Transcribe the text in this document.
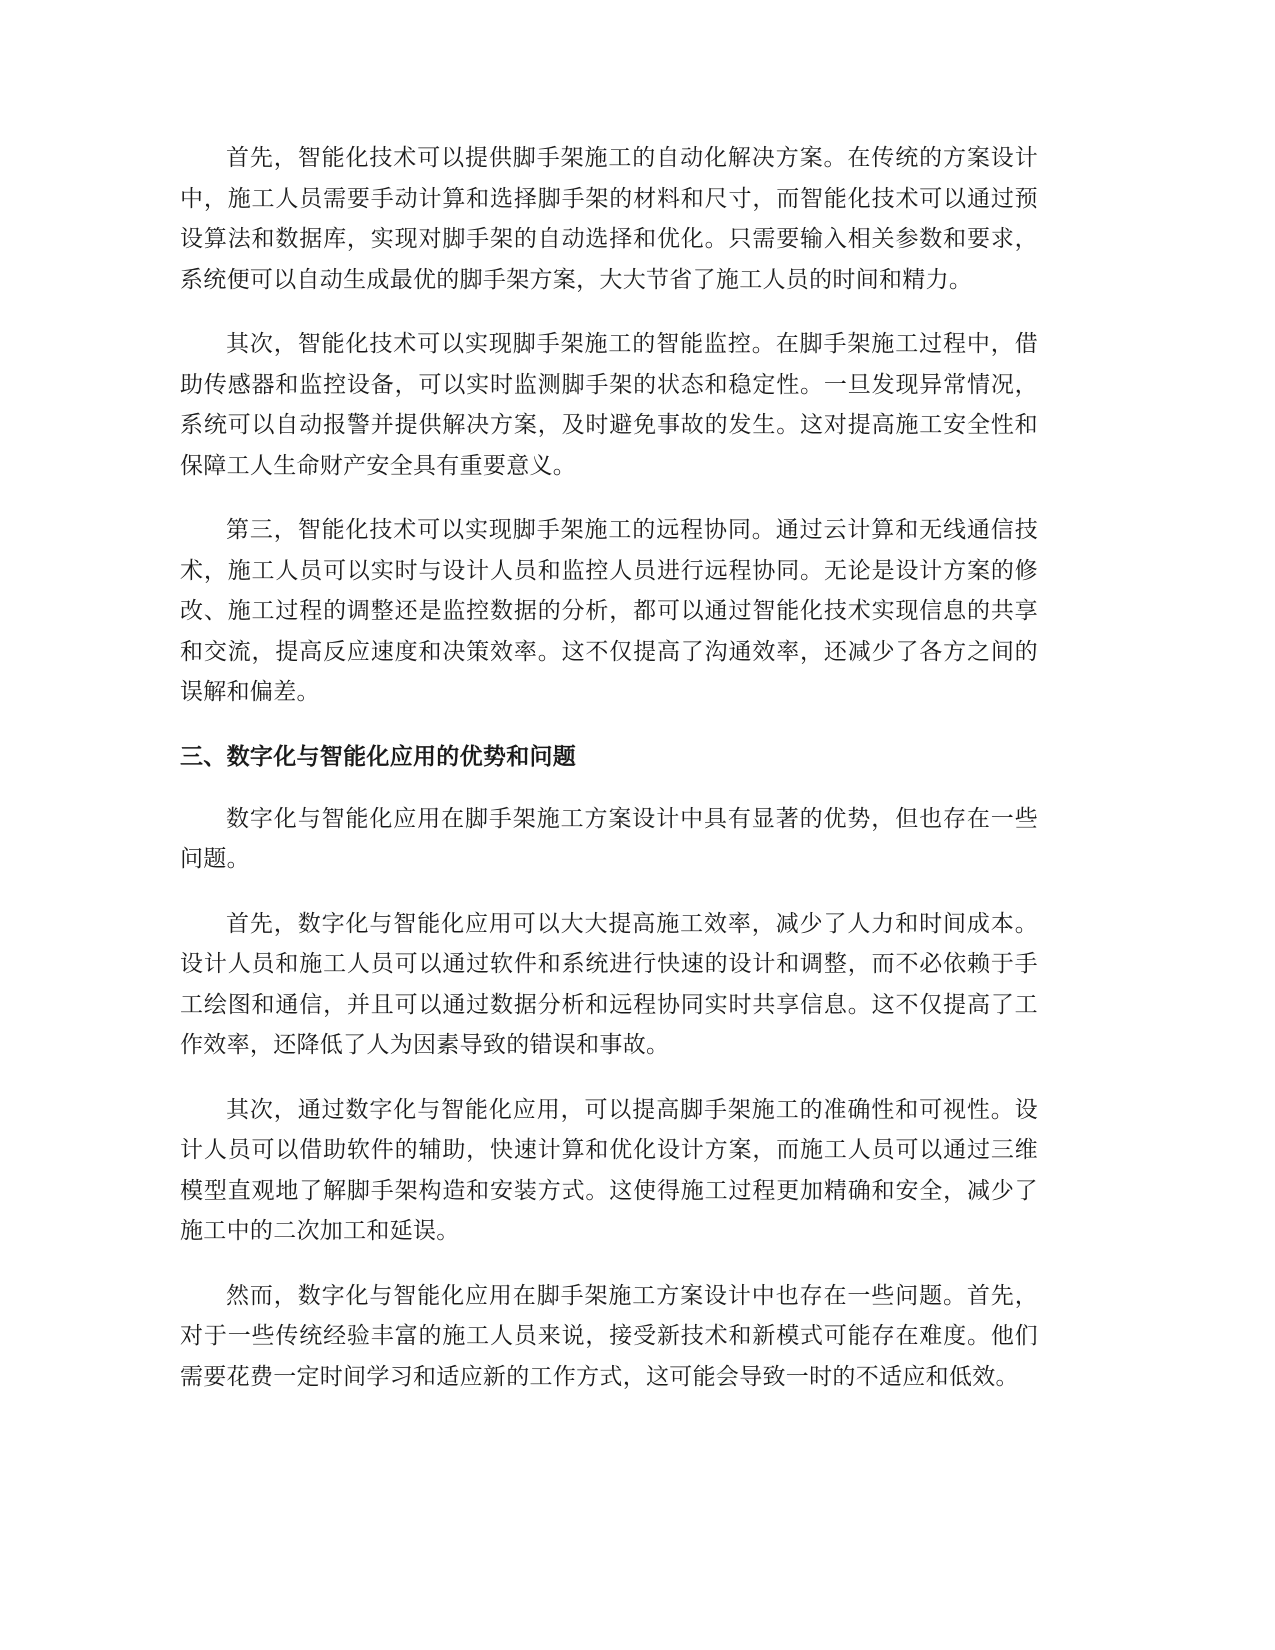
首先，智能化技术可以提供脚手架施工的自动化解决方案。在传统的方案设计中，施工人员需要手动计算和选择脚手架的材料和尺寸，而智能化技术可以通过预设算法和数据库，实现对脚手架的自动选择和优化。只需要输入相关参数和要求，系统便可以自动生成最优的脚手架方案，大大节省了施工人员的时间和精力。

其次，智能化技术可以实现脚手架施工的智能监控。在脚手架施工过程中，借助传感器和监控设备，可以实时监测脚手架的状态和稳定性。一旦发现异常情况，系统可以自动报警并提供解决方案，及时避免事故的发生。这对提高施工安全性和保障工人生命财产安全具有重要意义。

第三，智能化技术可以实现脚手架施工的远程协同。通过云计算和无线通信技术，施工人员可以实时与设计人员和监控人员进行远程协同。无论是设计方案的修改、施工过程的调整还是监控数据的分析，都可以通过智能化技术实现信息的共享和交流，提高反应速度和决策效率。这不仅提高了沟通效率，还减少了各方之间的误解和偏差。

三、数字化与智能化应用的优势和问题

数字化与智能化应用在脚手架施工方案设计中具有显著的优势，但也存在一些问题。

首先，数字化与智能化应用可以大大提高施工效率，减少了人力和时间成本。设计人员和施工人员可以通过软件和系统进行快速的设计和调整，而不必依赖于手工绘图和通信，并且可以通过数据分析和远程协同实时共享信息。这不仅提高了工作效率，还降低了人为因素导致的错误和事故。

其次，通过数字化与智能化应用，可以提高脚手架施工的准确性和可视性。设计人员可以借助软件的辅助，快速计算和优化设计方案，而施工人员可以通过三维模型直观地了解脚手架构造和安装方式。这使得施工过程更加精确和安全，减少了施工中的二次加工和延误。

然而，数字化与智能化应用在脚手架施工方案设计中也存在一些问题。首先，对于一些传统经验丰富的施工人员来说，接受新技术和新模式可能存在难度。他们需要花费一定时间学习和适应新的工作方式，这可能会导致一时的不适应和低效。
